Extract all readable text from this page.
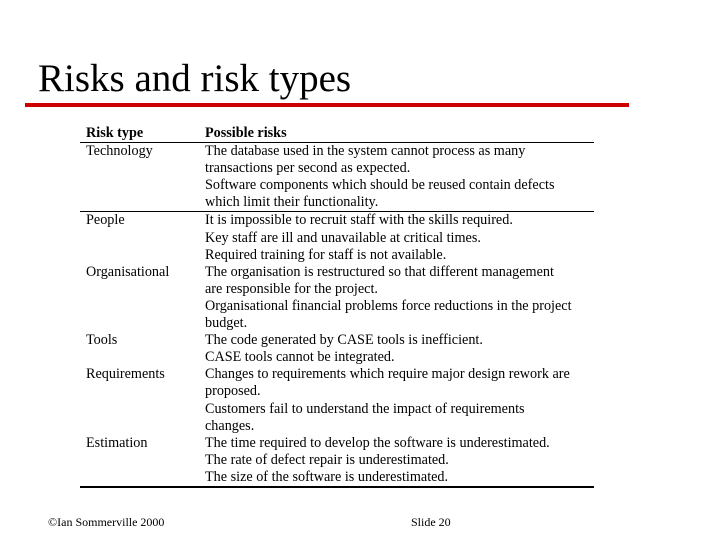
Risks and risk types
Risk type	Possible risks
Technology	The database used in the system cannot process as many
	transactions per second as expected.
	Software components which should be reused contain defects
	which limit their functionality.
People	It is impossible to recruit staff with the skills required.
	Key staff are ill and unavailable at critical times.
	Required training for staff is not available.
Organisational	The organisation is restructured so that different management
	are responsible for the project.
	Organisational financial problems force reductions in the project
	budget.
Tools	The code generated by CASE tools is inefficient.
	CASE tools cannot be integrated.
Requirements	Changes to requirements which require major design rework are
	proposed.
	Customers fail to understand the impact of requirements
	changes.
Estimation	The time required to develop the software is underestimated.
	The rate of defect repair is underestimated.
	The size of the software is underestimated.
©Ian Sommerville 2000	Slide 20
